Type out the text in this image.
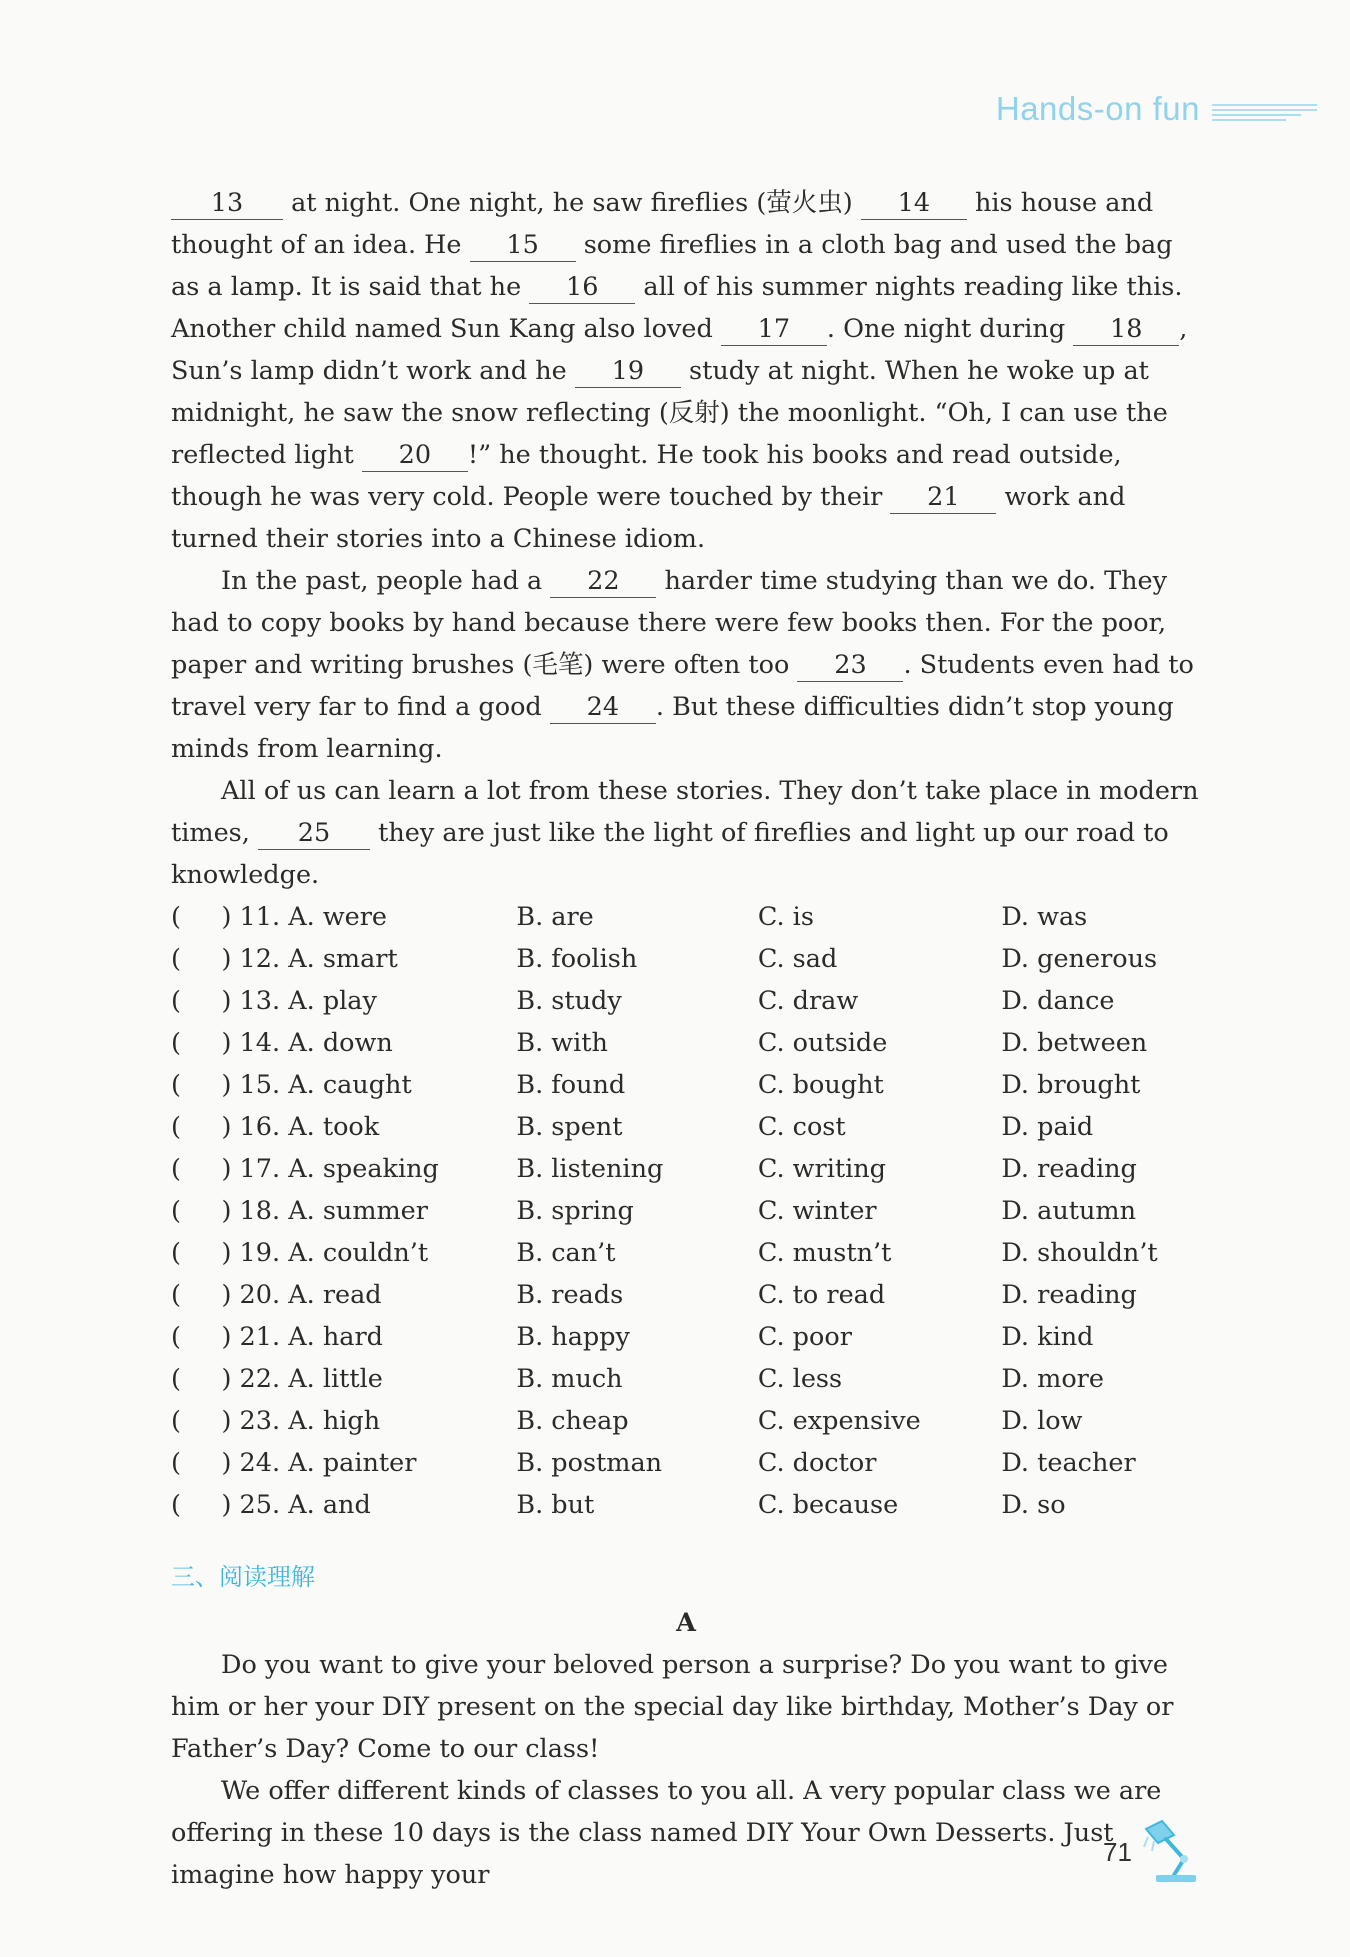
Hands-on fun

13 at night. One night, he saw fireflies (萤火虫) 14 his house and thought of an idea. He 15 some fireflies in a cloth bag and used the bag as a lamp. It is said that he 16 all of his summer nights reading like this. Another child named Sun Kang also loved 17 . One night during 18 , Sun’s lamp didn’t work and he 19 study at night. When he woke up at midnight, he saw the snow reflecting (反射) the moonlight. “Oh, I can use the reflected light 20 !” he thought. He took his books and read outside, though he was very cold. People were touched by their 21 work and turned their stories into a Chinese idiom.

In the past, people had a 22 harder time studying than we do. They had to copy books by hand because there were few books then. For the poor, paper and writing brushes (毛笔) were often too 23 . Students even had to travel very far to find a good 24 . But these difficulties didn’t stop young minds from learning.

All of us can learn a lot from these stories. They don’t take place in modern times, 25 they are just like the light of fireflies and light up our road to knowledge.

(     ) 11. A. were	B. are	C. is	D. was
(     ) 12. A. smart	B. foolish	C. sad	D. generous
(     ) 13. A. play	B. study	C. draw	D. dance
(     ) 14. A. down	B. with	C. outside	D. between
(     ) 15. A. caught	B. found	C. bought	D. brought
(     ) 16. A. took	B. spent	C. cost	D. paid
(     ) 17. A. speaking	B. listening	C. writing	D. reading
(     ) 18. A. summer	B. spring	C. winter	D. autumn
(     ) 19. A. couldn’t	B. can’t	C. mustn’t	D. shouldn’t
(     ) 20. A. read	B. reads	C. to read	D. reading
(     ) 21. A. hard	B. happy	C. poor	D. kind
(     ) 22. A. little	B. much	C. less	D. more
(     ) 23. A. high	B. cheap	C. expensive	D. low
(     ) 24. A. painter	B. postman	C. doctor	D. teacher
(     ) 25. A. and	B. but	C. because	D. so
三、阅读理解
A

Do you want to give your beloved person a surprise? Do you want to give him or her your DIY present on the special day like birthday, Mother’s Day or Father’s Day? Come to our class!

We offer different kinds of classes to you all. A very popular class we are offering in these 10 days is the class named DIY Your Own Desserts. Just imagine how happy your

71
